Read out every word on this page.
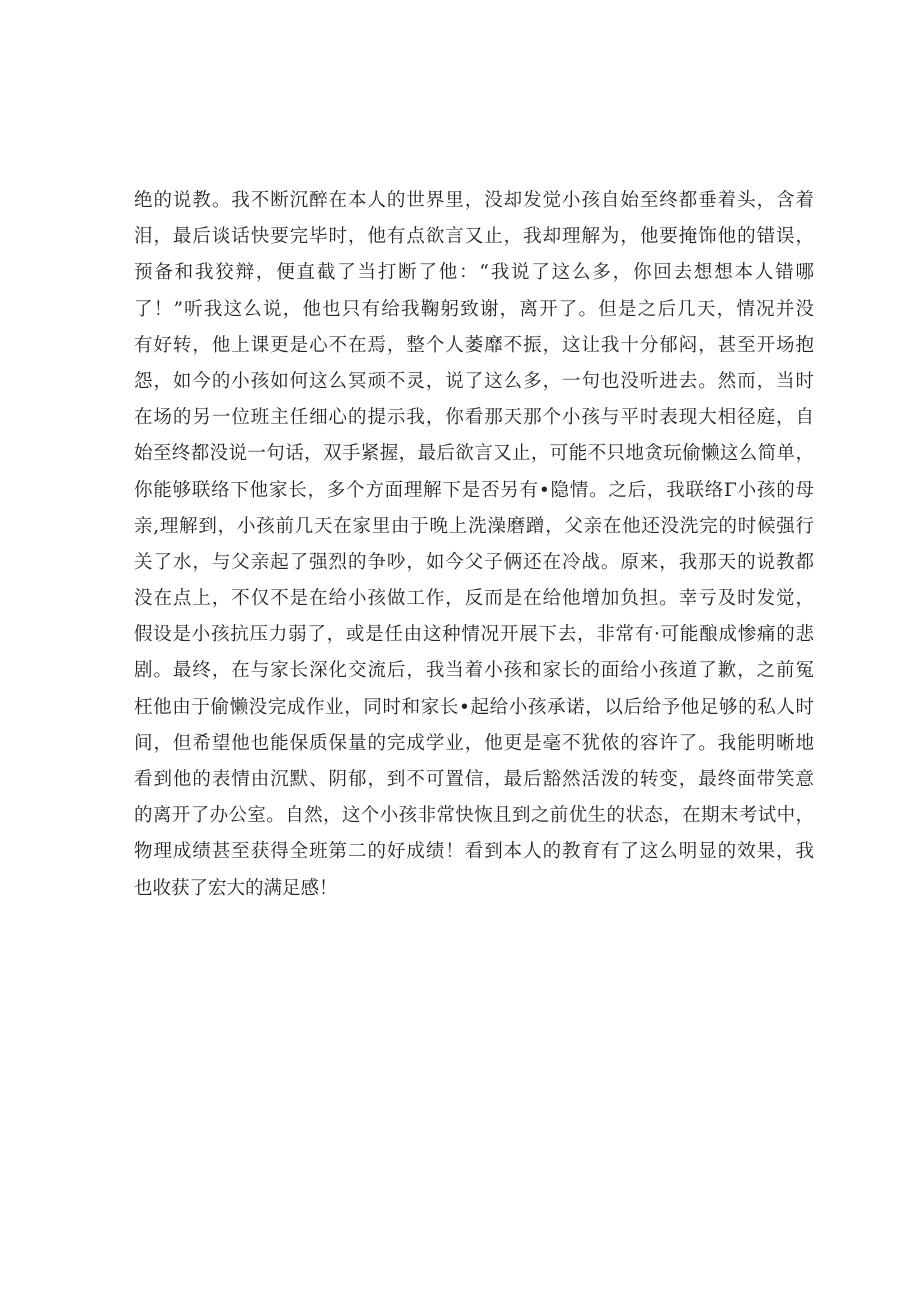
绝的说教。我不断沉醉在本人的世界里，没却发觉小孩自始至终都垂着头，含着
泪，最后谈话快要完毕时，他有点欲言又止，我却理解为，他要掩饰他的错误，
预备和我狡辩，便直截了当打断了他：“我说了这么多，你回去想想本人错哪
了！”听我这么说，他也只有给我鞠躬致谢，离开了。但是之后几天，情况并没
有好转，他上课更是心不在焉，整个人萎靡不振，这让我十分郁闷，甚至开场抱
怨，如今的小孩如何这么冥顽不灵，说了这么多，一句也没听进去。然而，当时
在场的另一位班主任细心的提示我，你看那天那个小孩与平时表现大相径庭，自
始至终都没说一句话，双手紧握，最后欲言又止，可能不只地贪玩偷懒这么简单，
你能够联络下他家长，多个方面理解下是否另有•隐情。之后，我联络Γ小孩的母
亲,理解到，小孩前几天在家里由于晚上洗澡磨蹭，父亲在他还没洗完的时候强行
关了水，与父亲起了强烈的争吵，如今父子俩还在冷战。原来，我那天的说教都
没在点上，不仅不是在给小孩做工作，反而是在给他增加负担。幸亏及时发觉，
假设是小孩抗压力弱了，或是任由这种情况开展下去，非常有·可能酿成惨痛的悲
剧。最终，在与家长深化交流后，我当着小孩和家长的面给小孩道了歉，之前冤
枉他由于偷懒没完成作业，同时和家长•起给小孩承诺，以后给予他足够的私人时
间，但希望他也能保质保量的完成学业，他更是毫不犹侬的容许了。我能明晰地
看到他的表情由沉默、阴郁，到不可置信，最后豁然活泼的转变，最终面带笑意
的离开了办公室。自然，这个小孩非常快恢且到之前优生的状态，在期末考试中，
物理成绩甚至获得全班第二的好成绩！看到本人的教育有了这么明显的效果，我
也收获了宏大的满足感！
